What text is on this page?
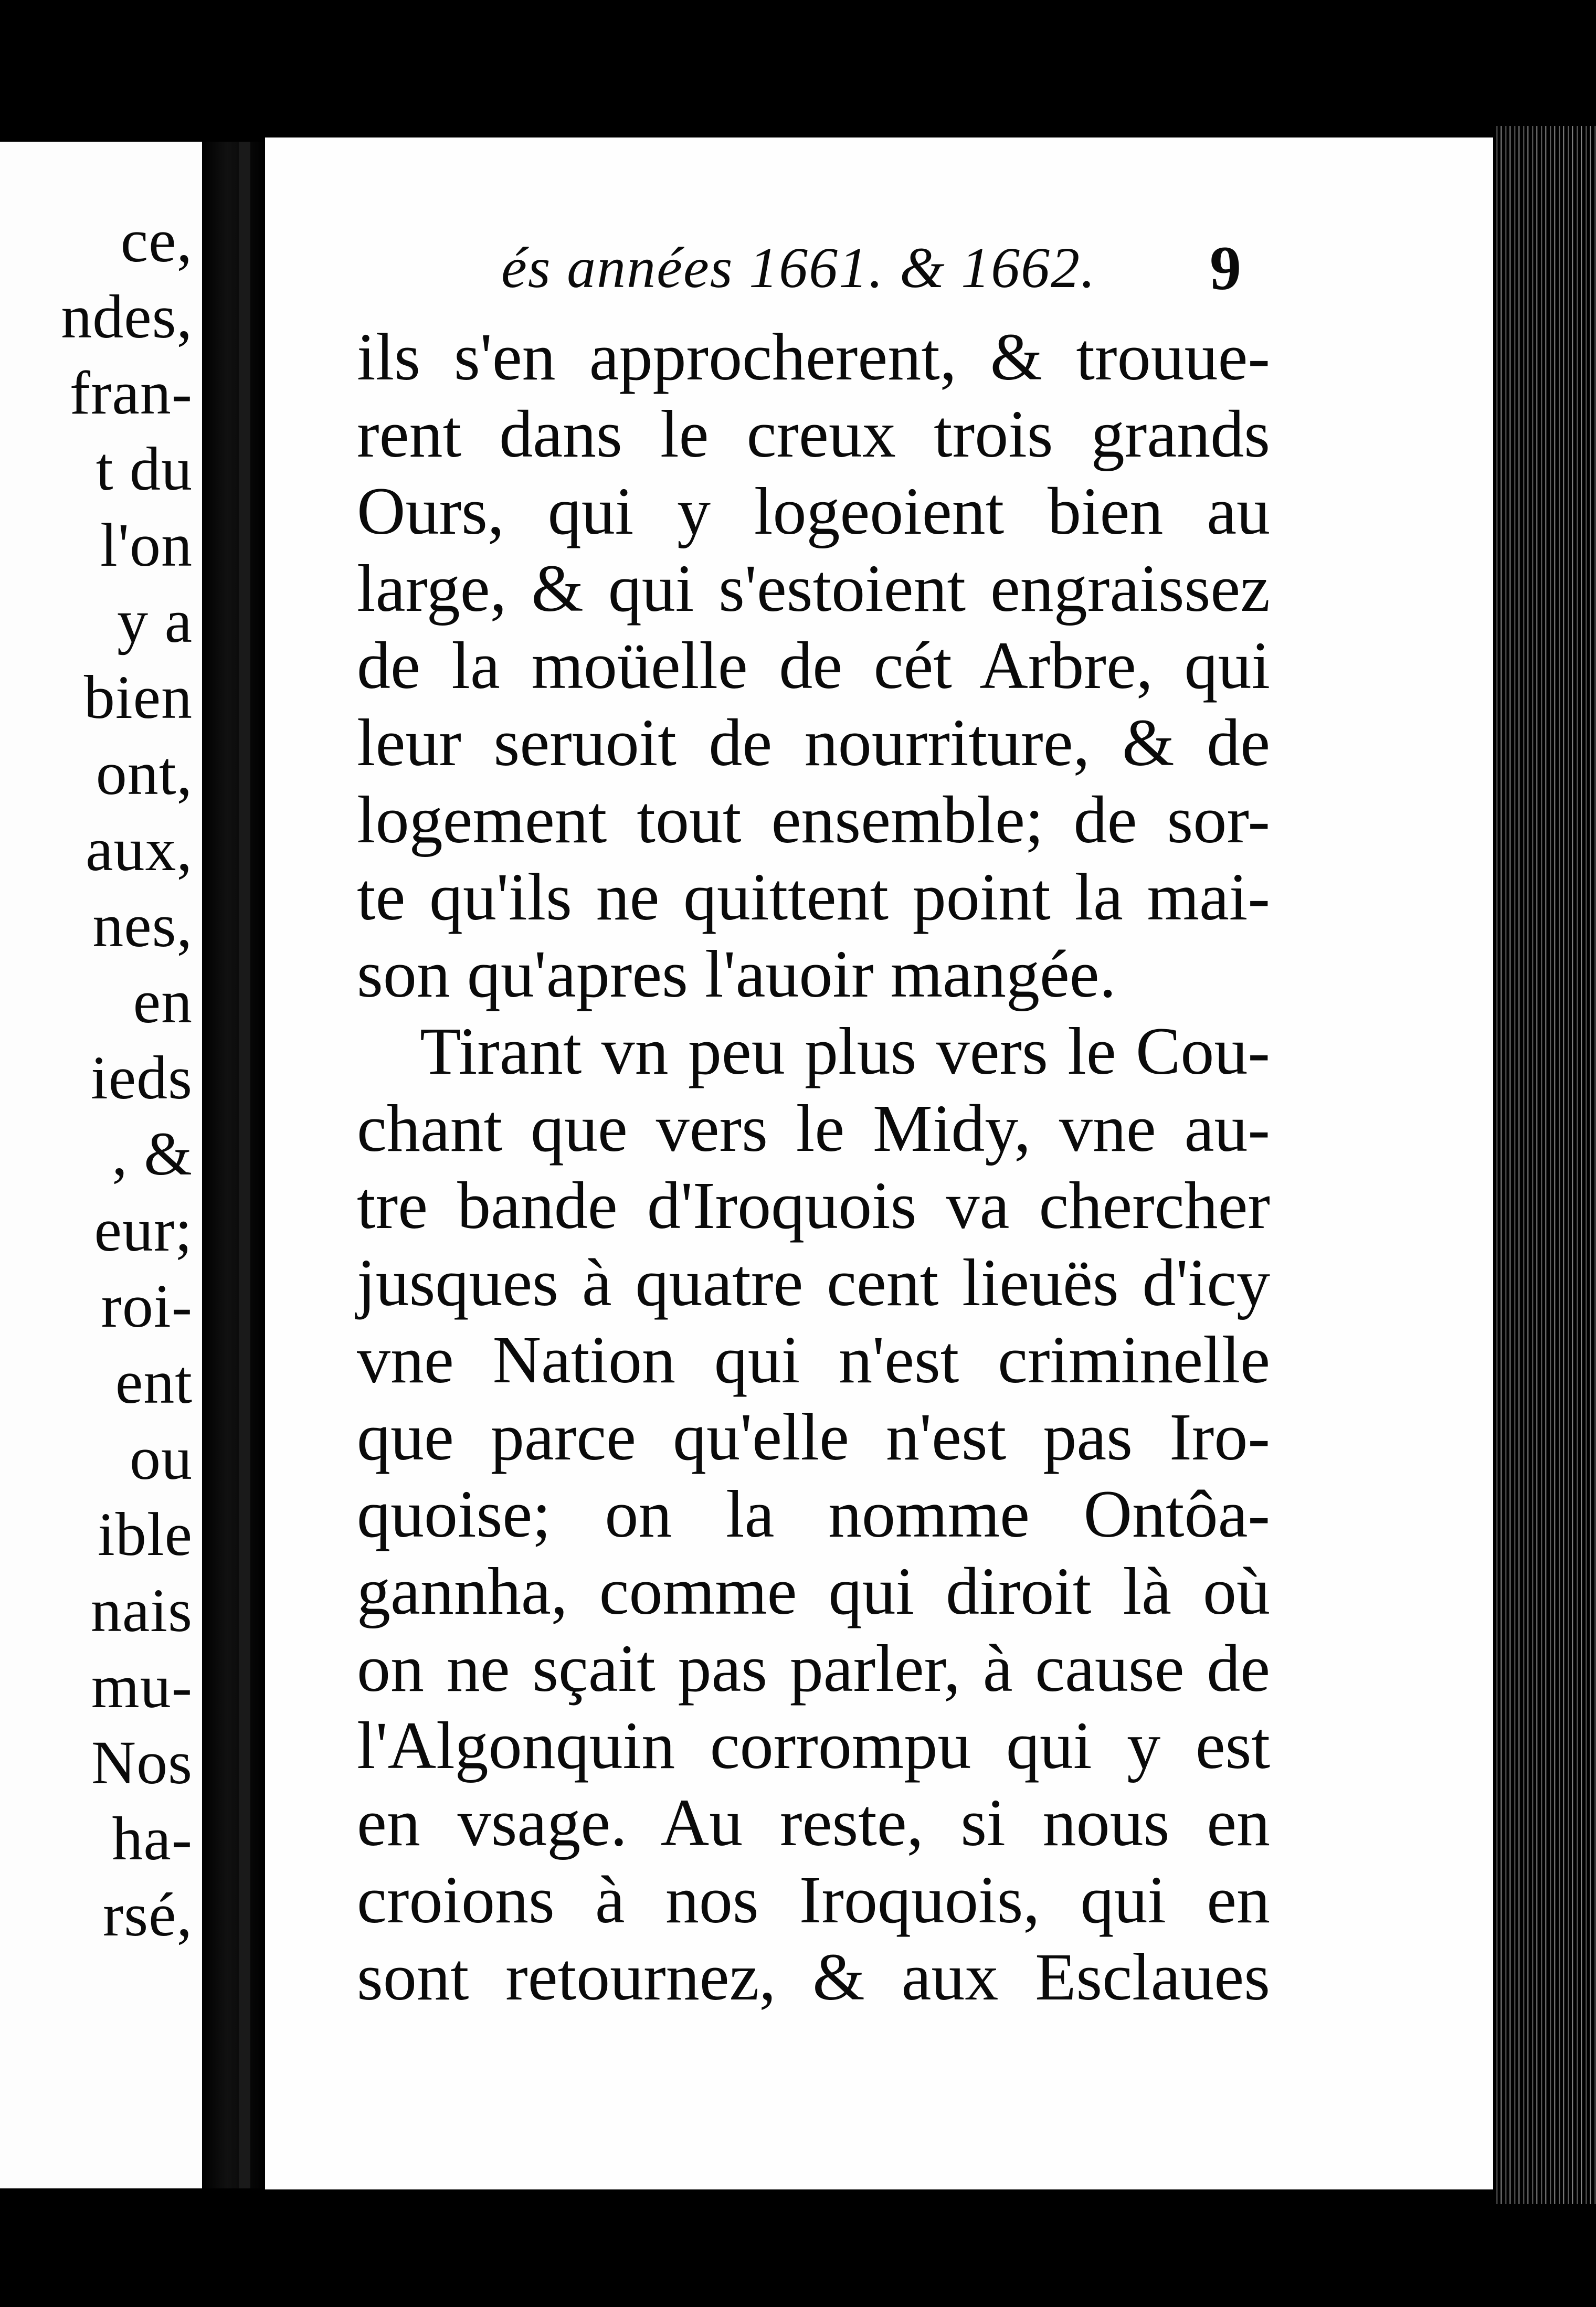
ce,
ndes,
fran-
t du
l'on
y a
bien
ont,
aux,
nes,
en
ieds
, &
eur;
roi-
ent
ou
ible
nais
mu-
Nos
ha-
rsé,
és années 1661. & 1662.	9
ils s'en approcherent, & trouue-
rent dans le creux trois grands
Ours, qui y logeoient bien au
large, & qui s'estoient engraissez
de la moüelle de cét Arbre, qui
leur seruoit de nourriture, & de
logement tout ensemble; de sor-
te qu'ils ne quittent point la mai-
son qu'apres l'auoir mangée.
Tirant vn peu plus vers le Cou-
chant que vers le Midy, vne au-
tre bande d'Iroquois va chercher
jusques à quatre cent lieuës d'icy
vne Nation qui n'est criminelle
que parce qu'elle n'est pas Iro-
quoise; on la nomme Ontôa-
gannha, comme qui diroit là où
on ne sçait pas parler, à cause de
l'Algonquin corrompu qui y est
en vsage. Au reste, si nous en
croions à nos Iroquois, qui en
sont retournez, & aux Esclaues
